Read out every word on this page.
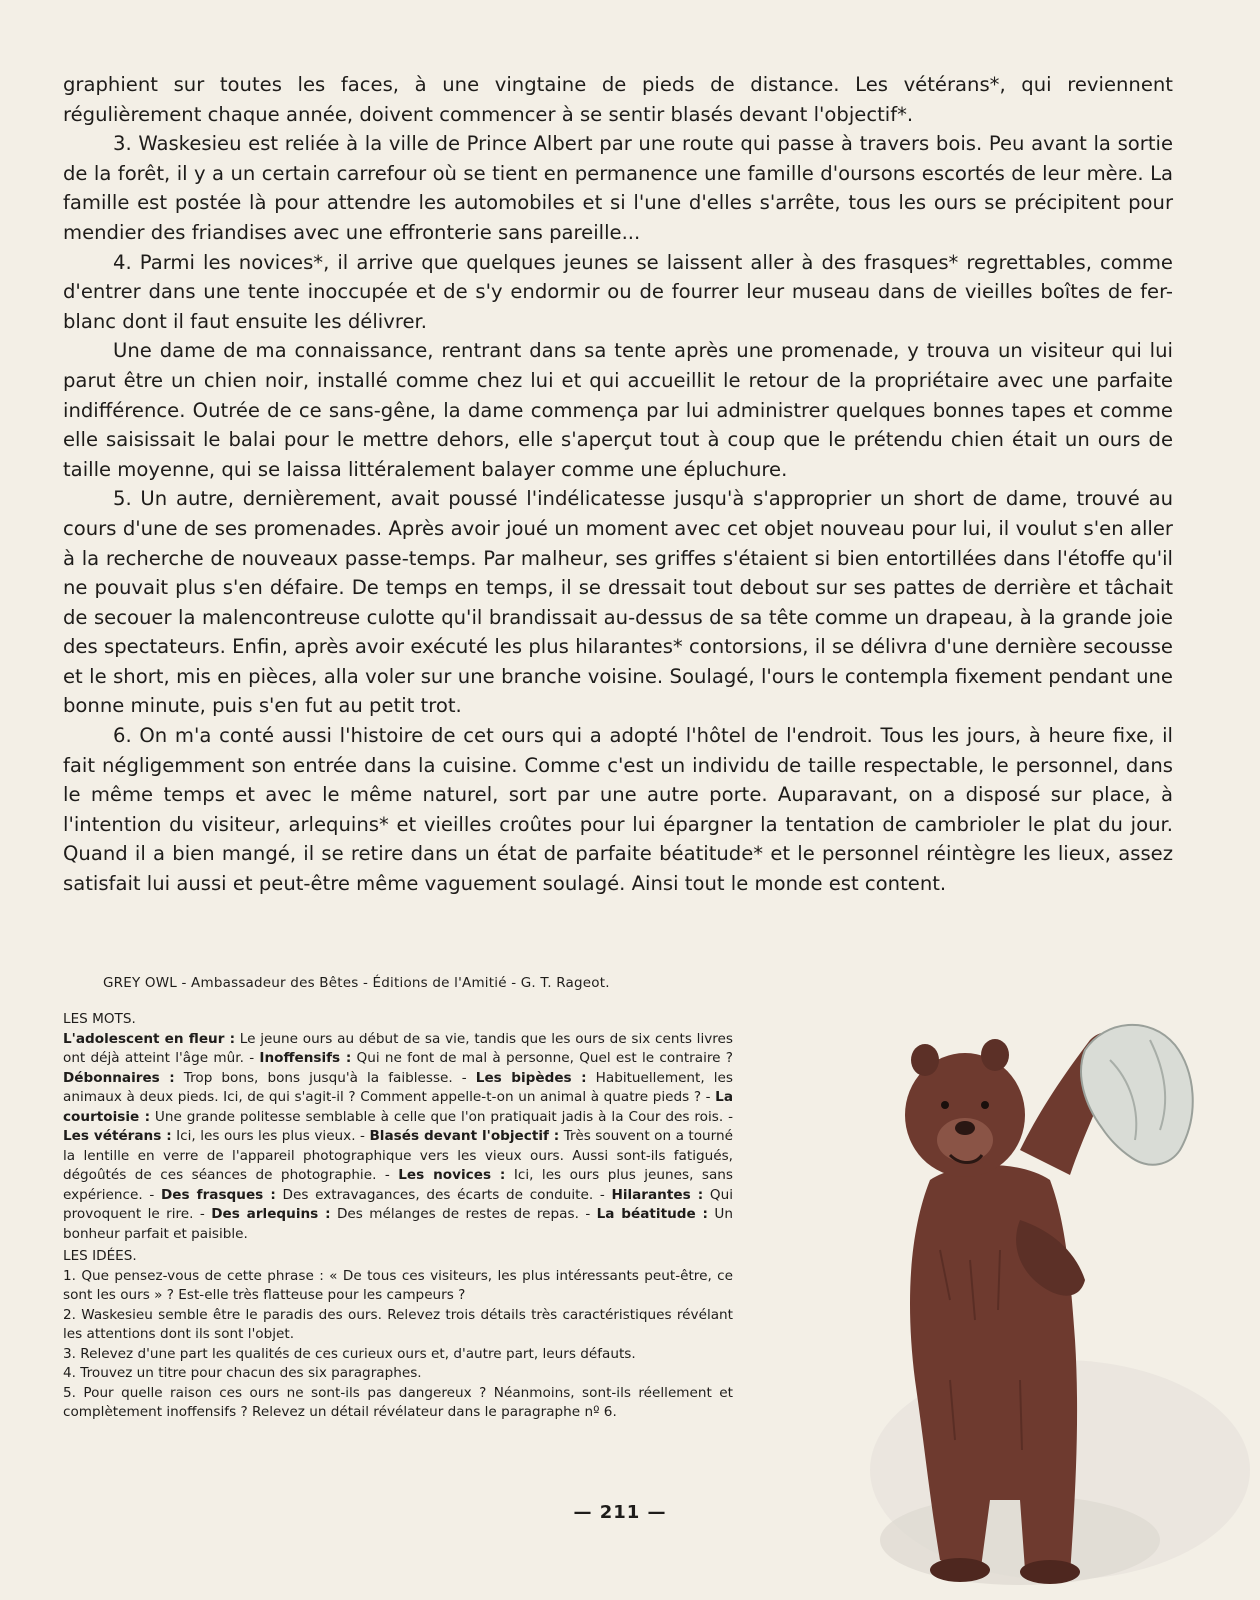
graphient sur toutes les faces, à une vingtaine de pieds de distance. Les vétérans*, qui reviennent régulièrement chaque année, doivent commencer à se sentir blasés devant l'objectif*.

3. Waskesieu est reliée à la ville de Prince Albert par une route qui passe à travers bois. Peu avant la sortie de la forêt, il y a un certain carrefour où se tient en permanence une famille d'oursons escortés de leur mère. La famille est postée là pour attendre les automobiles et si l'une d'elles s'arrête, tous les ours se précipitent pour mendier des friandises avec une effronterie sans pareille...

4. Parmi les novices*, il arrive que quelques jeunes se laissent aller à des frasques* regrettables, comme d'entrer dans une tente inoccupée et de s'y endormir ou de fourrer leur museau dans de vieilles boîtes de fer-blanc dont il faut ensuite les délivrer.

Une dame de ma connaissance, rentrant dans sa tente après une promenade, y trouva un visiteur qui lui parut être un chien noir, installé comme chez lui et qui accueillit le retour de la propriétaire avec une parfaite indifférence. Outrée de ce sans-gêne, la dame commença par lui administrer quelques bonnes tapes et comme elle saisissait le balai pour le mettre dehors, elle s'aperçut tout à coup que le prétendu chien était un ours de taille moyenne, qui se laissa littéralement balayer comme une épluchure.

5. Un autre, dernièrement, avait poussé l'indélicatesse jusqu'à s'approprier un short de dame, trouvé au cours d'une de ses promenades. Après avoir joué un moment avec cet objet nouveau pour lui, il voulut s'en aller à la recherche de nouveaux passe-temps. Par malheur, ses griffes s'étaient si bien entortillées dans l'étoffe qu'il ne pouvait plus s'en défaire. De temps en temps, il se dressait tout debout sur ses pattes de derrière et tâchait de secouer la malencontreuse culotte qu'il brandissait au-dessus de sa tête comme un drapeau, à la grande joie des spectateurs. Enfin, après avoir exécuté les plus hilarantes* contorsions, il se délivra d'une dernière secousse et le short, mis en pièces, alla voler sur une branche voisine. Soulagé, l'ours le contempla fixement pendant une bonne minute, puis s'en fut au petit trot.

6. On m'a conté aussi l'histoire de cet ours qui a adopté l'hôtel de l'endroit. Tous les jours, à heure fixe, il fait négligemment son entrée dans la cuisine. Comme c'est un individu de taille respectable, le personnel, dans le même temps et avec le même naturel, sort par une autre porte. Auparavant, on a disposé sur place, à l'intention du visiteur, arlequins* et vieilles croûtes pour lui épargner la tentation de cambrioler le plat du jour. Quand il a bien mangé, il se retire dans un état de parfaite béatitude* et le personnel réintègre les lieux, assez satisfait lui aussi et peut-être même vaguement soulagé. Ainsi tout le monde est content.

GREY OWL - Ambassadeur des Bêtes - Éditions de l'Amitié - G. T. Rageot.

LES MOTS.

L'adolescent en fleur : Le jeune ours au début de sa vie, tandis que les ours de six cents livres ont déjà atteint l'âge mûr. - Inoffensifs : Qui ne font de mal à personne, Quel est le contraire ? Débonnaires : Trop bons, bons jusqu'à la faiblesse. - Les bipèdes : Habituellement, les animaux à deux pieds. Ici, de qui s'agit-il ? Comment appelle-t-on un animal à quatre pieds ? - La courtoisie : Une grande politesse semblable à celle que l'on pratiquait jadis à la Cour des rois. - Les vétérans : Ici, les ours les plus vieux. - Blasés devant l'objectif : Très souvent on a tourné la lentille en verre de l'appareil photographique vers les vieux ours. Aussi sont-ils fatigués, dégoûtés de ces séances de photographie. - Les novices : Ici, les ours plus jeunes, sans expérience. - Des frasques : Des extravagances, des écarts de conduite. - Hilarantes : Qui provoquent le rire. - Des arlequins : Des mélanges de restes de repas. - La béatitude : Un bonheur parfait et paisible.

LES IDÉES.

1. Que pensez-vous de cette phrase : « De tous ces visiteurs, les plus intéressants peut-être, ce sont les ours » ? Est-elle très flatteuse pour les campeurs ?

2. Waskesieu semble être le paradis des ours. Relevez trois détails très caractéristiques révélant les attentions dont ils sont l'objet.

3. Relevez d'une part les qualités de ces curieux ours et, d'autre part, leurs défauts.

4. Trouvez un titre pour chacun des six paragraphes.

5. Pour quelle raison ces ours ne sont-ils pas dangereux ? Néanmoins, sont-ils réellement et complètement inoffensifs ? Relevez un détail révélateur dans le paragraphe nº 6.

— 211 —
